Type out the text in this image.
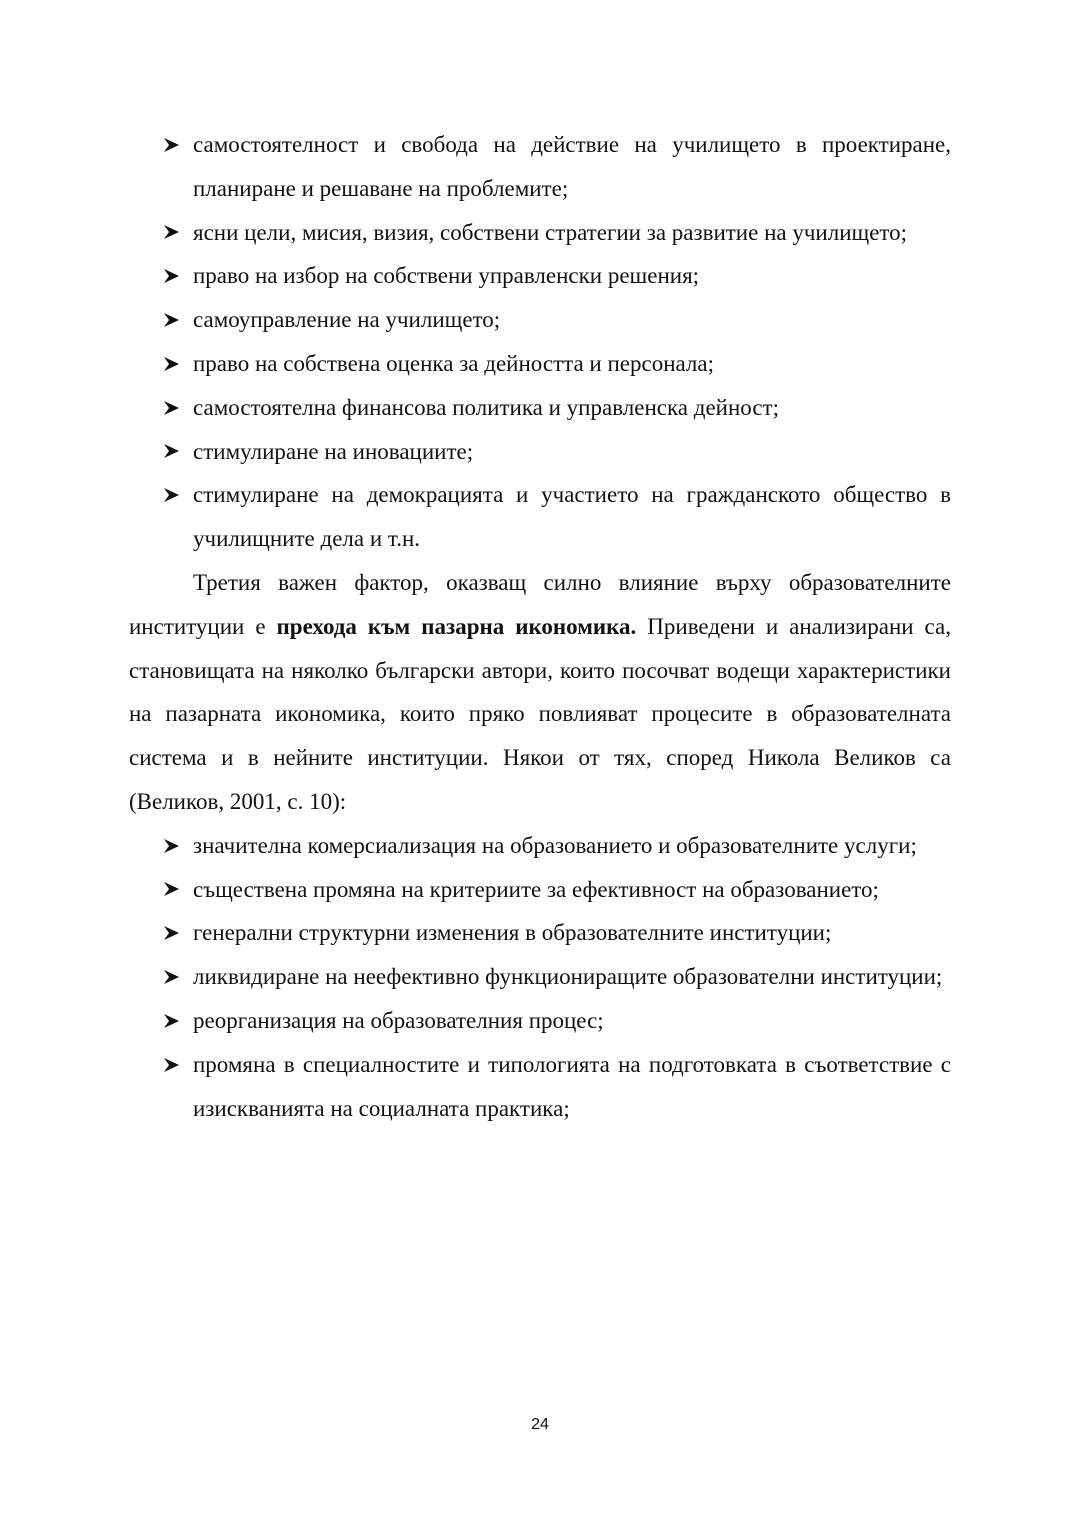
самостоятелност и свобода на действие на училището в проектиране, планиране и решаване на проблемите;
ясни цели, мисия, визия, собствени стратегии за развитие на училището;
право на избор на собствени управленски решения;
самоуправление на училището;
право на собствена оценка за дейността и персонала;
самостоятелна финансова политика и управленска дейност;
стимулиране на иновациите;
стимулиране на демокрацията и участието на гражданското общество в училищните дела и т.н.

Третия важен фактор, оказващ силно влияние върху образователните институции е прехода към пазарна икономика. Приведени и анализирани са, становищата на няколко български автори, които посочват водещи характеристики на пазарната икономика, които пряко повлияват процесите в образователната система и в нейните институции. Някои от тях, според Никола Великов са (Великов, 2001, с. 10):

значителна комерсиализация на образованието и образователните услуги;
съществена промяна на критериите за ефективност на образованието;
генерални структурни изменения в образователните институции;
ликвидиране на неефективно функциониращите образователни институции;
реорганизация на образователния процес;
промяна в специалностите и типологията на подготовката в съответствие с изискванията на социалната практика;
24
